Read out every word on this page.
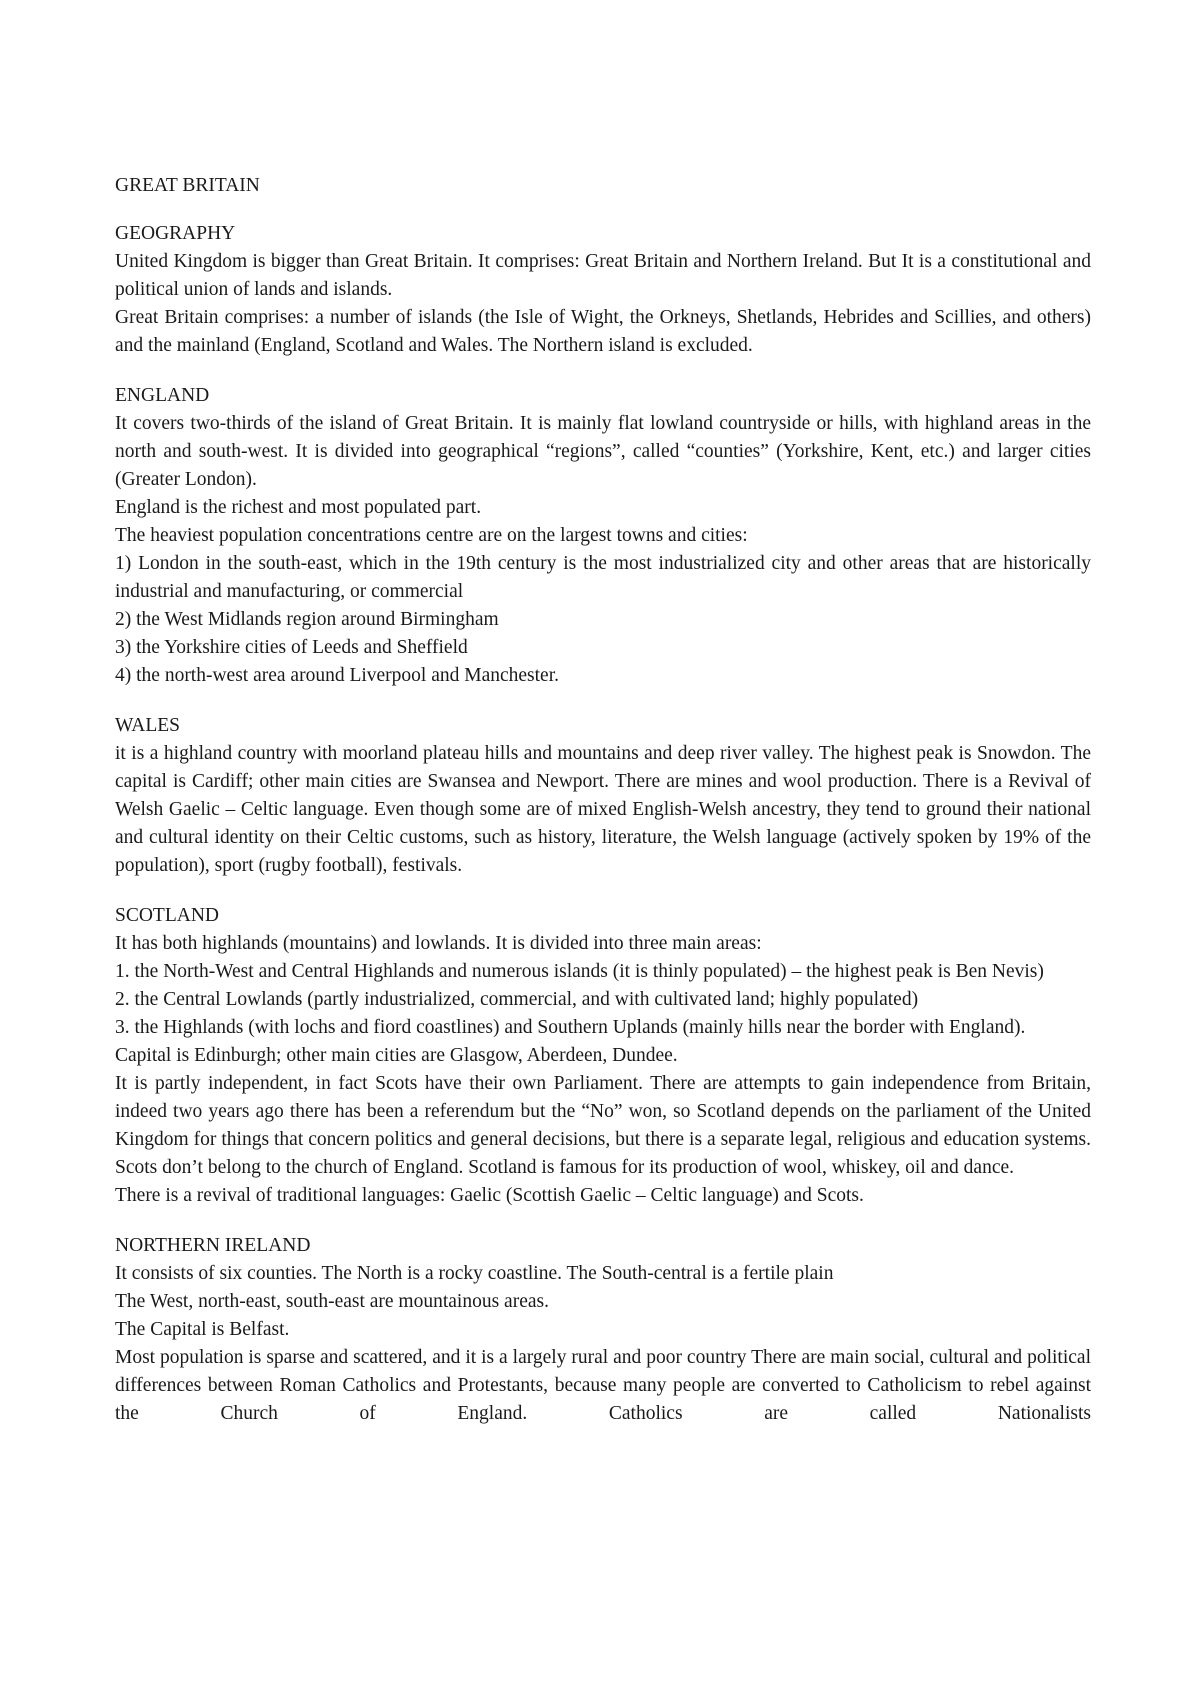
GREAT BRITAIN
GEOGRAPHY

United Kingdom is bigger than Great Britain. It comprises: Great Britain and Northern Ireland. But It is a constitutional and political union of lands and islands.

Great Britain comprises: a number of islands (the Isle of Wight, the Orkneys, Shetlands, Hebrides and Scillies, and others) and the mainland (England, Scotland and Wales. The Northern island is excluded.

ENGLAND

It covers two-thirds of the island of Great Britain. It is mainly flat lowland countryside or hills, with highland areas in the north and south-west. It is divided into geographical “regions”, called “counties” (Yorkshire, Kent, etc.) and larger cities (Greater London).

England is the richest and most populated part.

The heaviest population concentrations centre are on the largest towns and cities:

1) London in the south-east, which in the 19th century is the most industrialized city and other areas that are historically industrial and manufacturing, or commercial

2) the West Midlands region around Birmingham

3) the Yorkshire cities of Leeds and Sheffield

4) the north-west area around Liverpool and Manchester.

WALES

it is a highland country with moorland plateau hills and mountains and deep river valley. The highest peak is Snowdon. The capital is Cardiff; other main cities are Swansea and Newport. There are mines and wool production. There is a Revival of Welsh Gaelic – Celtic language. Even though some are of mixed English-Welsh ancestry, they tend to ground their national and cultural identity on their Celtic customs, such as history, literature, the Welsh language (actively spoken by 19% of the population), sport (rugby football), festivals.

SCOTLAND

It has both highlands (mountains) and lowlands. It is divided into three main areas:

1. the North-West and Central Highlands and numerous islands (it is thinly populated) – the highest peak is Ben Nevis)

2. the Central Lowlands (partly industrialized, commercial, and with cultivated land; highly populated)

3. the Highlands (with lochs and fiord coastlines) and Southern Uplands (mainly hills near the border with England).

Capital is Edinburgh; other main cities are Glasgow, Aberdeen, Dundee.

It is partly independent, in fact Scots have their own Parliament. There are attempts to gain independence from Britain, indeed two years ago there has been a referendum but the “No” won, so Scotland depends on the parliament of the United Kingdom for things that concern politics and general decisions, but there is a separate legal, religious and education systems. Scots don’t belong to the church of England. Scotland is famous for its production of wool, whiskey, oil and dance.

There is a revival of traditional languages: Gaelic (Scottish Gaelic – Celtic language) and Scots.

NORTHERN IRELAND

It consists of six counties. The North is a rocky coastline. The South-central is a fertile plain

The West, north-east, south-east are mountainous areas.

The Capital is Belfast.

Most population is sparse and scattered, and it is a largely rural and poor country There are main social, cultural and political differences between Roman Catholics and Protestants, because many people are converted to Catholicism to rebel against the Church of England. Catholics are called Nationalists
